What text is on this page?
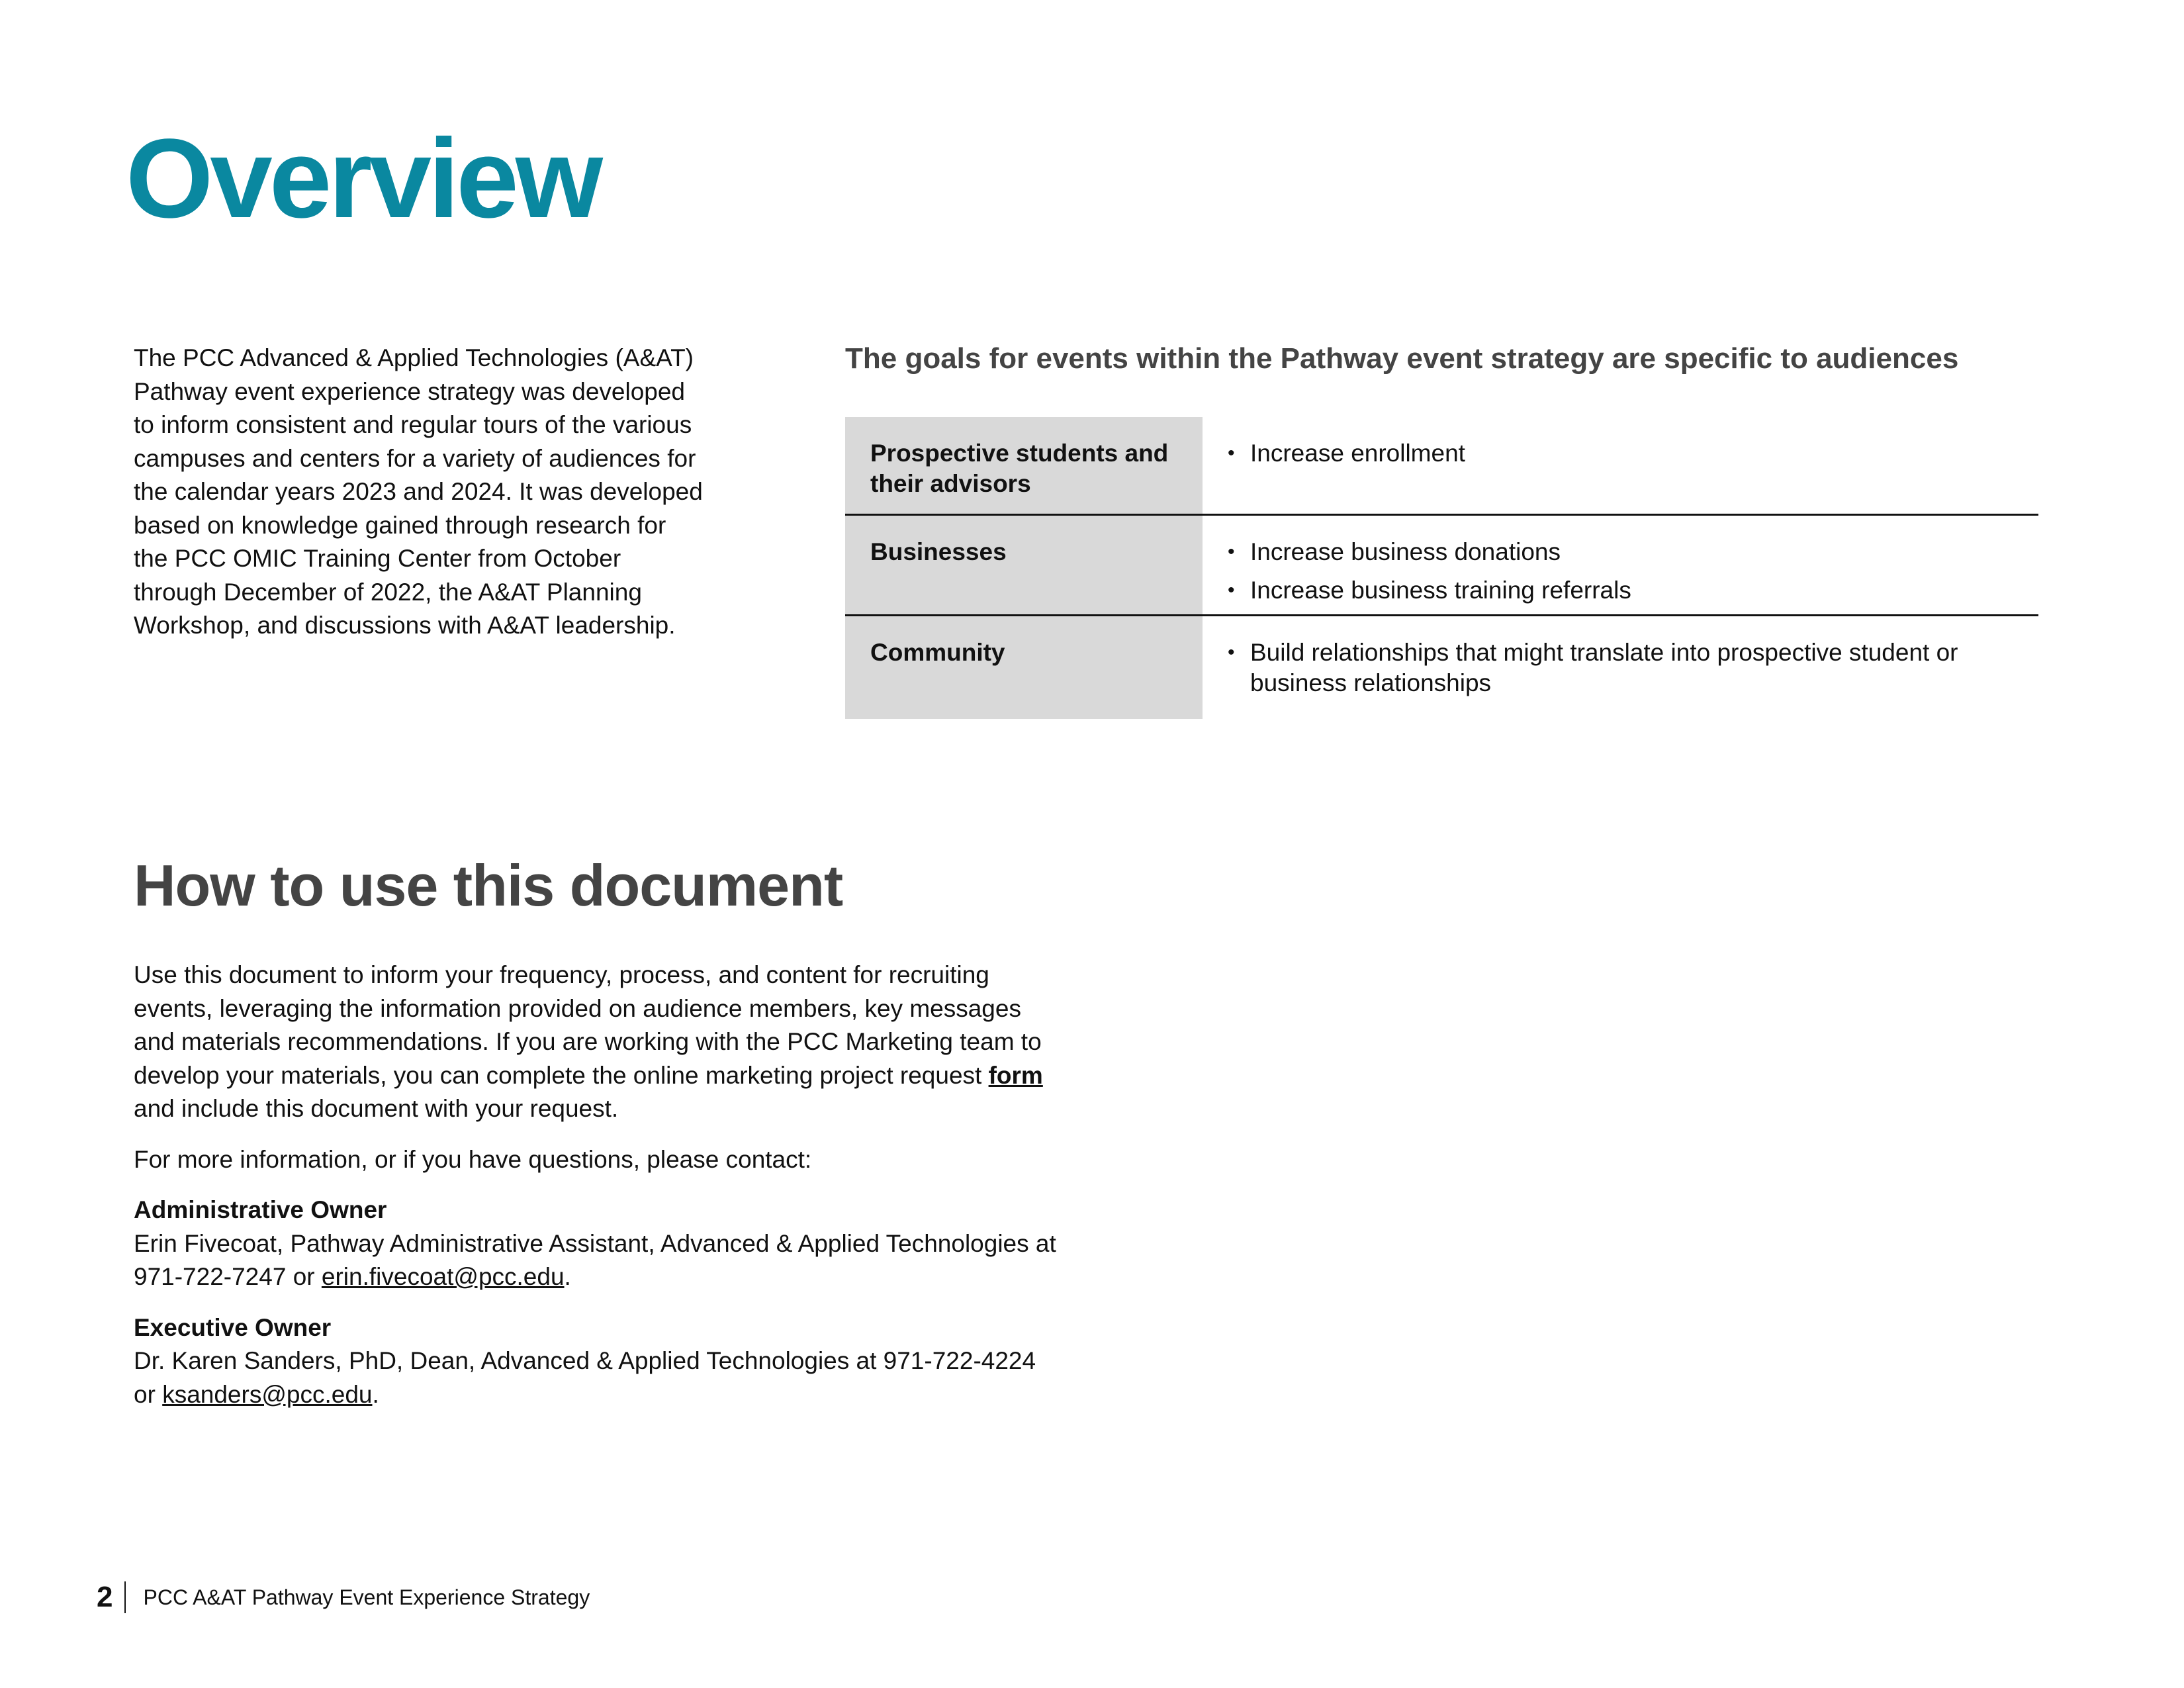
Overview

The PCC Advanced & Applied Technologies (A&AT) Pathway event experience strategy was developed to inform consistent and regular tours of the various campuses and centers for a variety of audiences for the calendar years 2023 and 2024. It was developed based on knowledge gained through research for the PCC OMIC Training Center from October through December of 2022, the A&AT Planning Workshop, and discussions with A&AT leadership.

The goals for events within the Pathway event strategy are specific to audiences
Prospective students and their advisors
• Increase enrollment
Businesses	• Increase business donations
• Increase business training referrals
Community	• Build relationships that might translate into prospective student or business relationships
How to use this document

Use this document to inform your frequency, process, and content for recruiting events, leveraging the information provided on audience members, key messages and materials recommendations. If you are working with the PCC Marketing team to develop your materials, you can complete the online marketing project request form and include this document with your request.

For more information, or if you have questions, please contact:

Administrative Owner

Erin Fivecoat, Pathway Administrative Assistant, Advanced & Applied Technologies at 971-722-7247 or erin.fivecoat@pcc.edu.

Executive Owner

Dr. Karen Sanders, PhD, Dean, Advanced & Applied Technologies at 971-722-4224 or ksanders@pcc.edu.

2 PCC A&AT Pathway Event Experience Strategy
